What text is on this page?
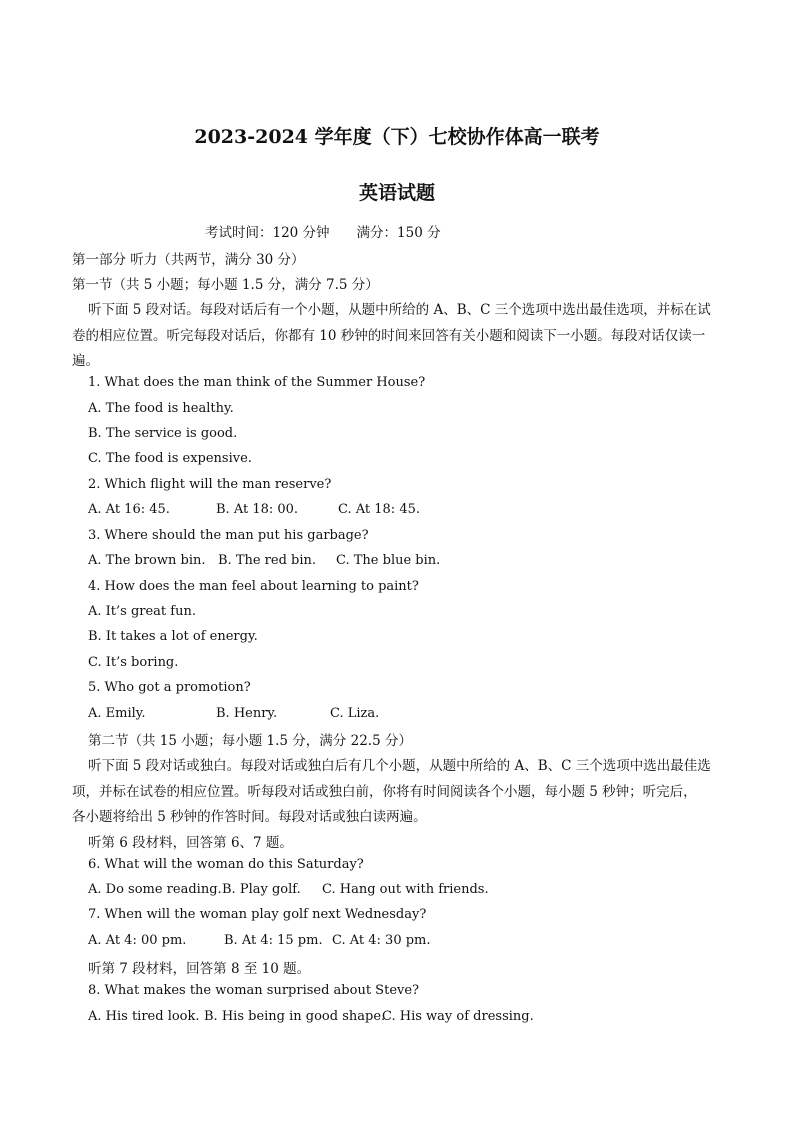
2023-2024 学年度（下）七校协作体高一联考
英语试题
考试时间：120 分钟　　满分：150 分
第一部分 听力（共两节，满分 30 分）
第一节（共 5 小题；每小题 1.5 分，满分 7.5 分）
听下面 5 段对话。每段对话后有一个小题，从题中所给的 A、B、C 三个选项中选出最佳选项，并标在试
卷的相应位置。听完每段对话后，你都有 10 秒钟的时间来回答有关小题和阅读下一小题。每段对话仅读一
遍。
1. What does the man think of the Summer House?
A. The food is healthy.
B. The service is good.
C. The food is expensive.
2. Which flight will the man reserve?
A. At 16: 45.	B. At 18: 00.	C. At 18: 45.
3. Where should the man put his garbage?
A. The brown bin. B. The red bin. C. The blue bin.
4. How does the man feel about learning to paint?
A. It’s great fun.
B. It takes a lot of energy.
C. It’s boring.
5. Who got a promotion?
A. Emily.	B. Henry.	C. Liza.
第二节（共 15 小题；每小题 1.5 分，满分 22.5 分）
听下面 5 段对话或独白。每段对话或独白后有几个小题，从题中所给的 A、B、C 三个选项中选出最佳选
项，并标在试卷的相应位置。听每段对话或独白前，你将有时间阅读各个小题，每小题 5 秒钟；听完后，
各小题将给出 5 秒钟的作答时间。每段对话或独白读两遍。
听第 6 段材料，回答第 6、7 题。
6. What will the woman do this Saturday?
A. Do some reading. B. Play golf. C. Hang out with friends.
7. When will the woman play golf next Wednesday?
A. At 4: 00 pm.	B. At 4: 15 pm. C. At 4: 30 pm.
听第 7 段材料，回答第 8 至 10 题。
8. What makes the woman surprised about Steve?
A. His tired look. B. His being in good shape.
C. His way of dressing.
